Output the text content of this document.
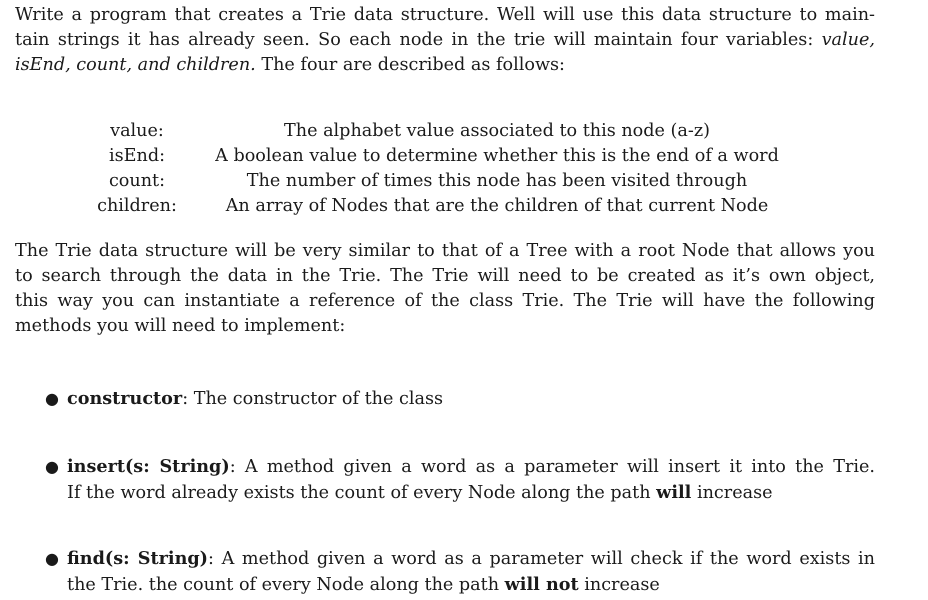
Write a program that creates a Trie data structure. Well will use this data structure to main-
tain strings it has already seen. So each node in the trie will maintain four variables: value,
isEnd, count, and children. The four are described as follows:
value:	The alphabet value associated to this node (a-z)
isEnd:	A boolean value to determine whether this is the end of a word
count:	The number of times this node has been visited through
children:	An array of Nodes that are the children of that current Node
The Trie data structure will be very similar to that of a Tree with a root Node that allows you
to search through the data in the Trie. The Trie will need to be created as it’s own object,
this way you can instantiate a reference of the class Trie. The Trie will have the following
methods you will need to implement:
● constructor: The constructor of the class
● insert(s: String): A method given a word as a parameter will insert it into the Trie.
If the word already exists the count of every Node along the path will increase
● find(s: String): A method given a word as a parameter will check if the word exists in
the Trie. the count of every Node along the path will not increase
